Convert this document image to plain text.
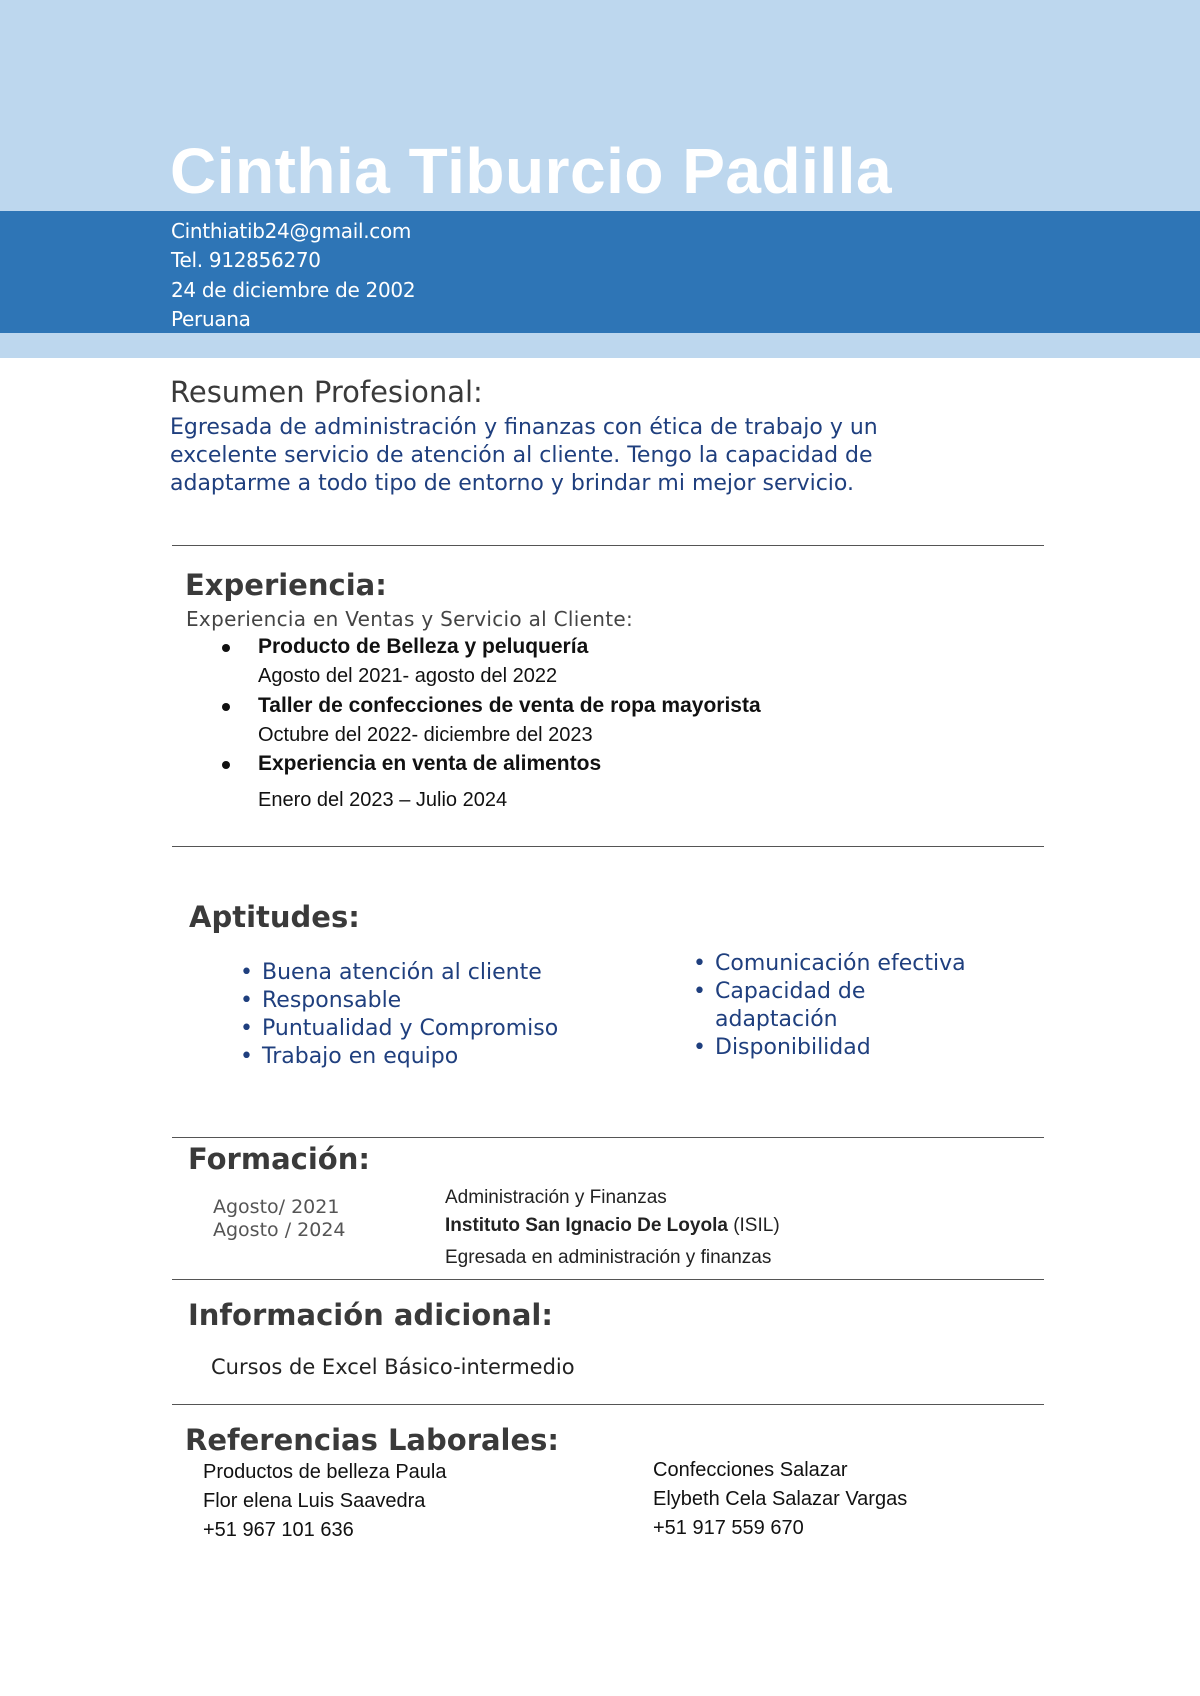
Cinthia Tiburcio Padilla
Cinthiatib24@gmail.com
Tel. 912856270
24 de diciembre de 2002
Peruana
Resumen Profesional:
Egresada de administración y finanzas con ética de trabajo y un excelente servicio de atención al cliente. Tengo la capacidad de adaptarme a todo tipo de entorno y brindar mi mejor servicio.
Experiencia:
Experiencia en Ventas y Servicio al Cliente:
Producto de Belleza y peluquería
Agosto del 2021- agosto del 2022
Taller de confecciones de venta de ropa mayorista
Octubre del 2022- diciembre del 2023
Experiencia en venta de alimentos
Enero del 2023 – Julio 2024
Aptitudes:
• Buena atención al cliente
• Responsable
• Puntualidad y Compromiso
• Trabajo en equipo
• Comunicación efectiva
• Capacidad de adaptación
• Disponibilidad
Formación:
Agosto/ 2021
Agosto / 2024
Administración y Finanzas
Instituto San Ignacio De Loyola (ISIL)
Egresada en administración y finanzas
Información adicional:
Cursos de Excel Básico-intermedio
Referencias Laborales:
Productos de belleza Paula
Flor elena Luis Saavedra
+51 967 101 636
Confecciones Salazar
Elybeth Cela Salazar Vargas
+51 917 559 670
